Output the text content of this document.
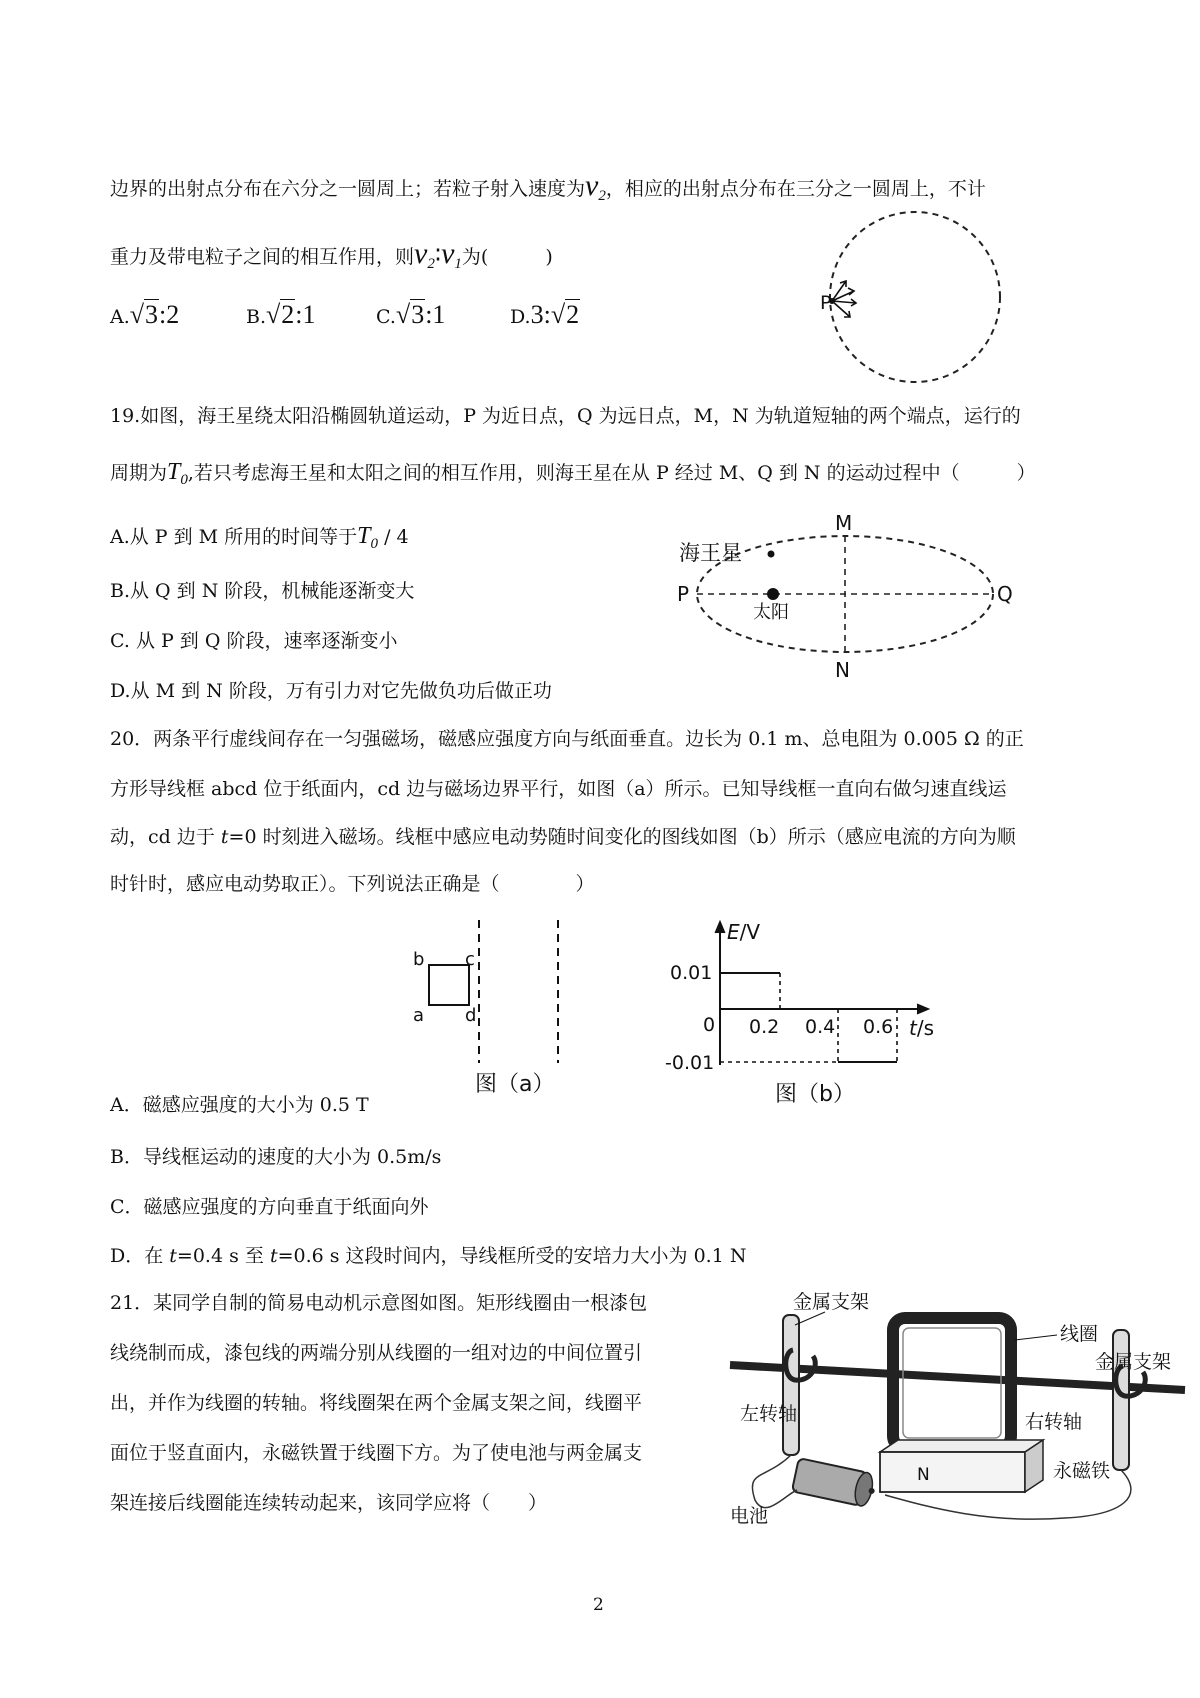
边界的出射点分布在六分之一圆周上；若粒子射入速度为$v_2$，相应的出射点分布在三分之一圆周上，不计
重力及带电粒子之间的相互作用，则$v_2∶v_1$为(　　　)
A.√3:2	B.√2:1	C.√3:1	D.3:√2	P
19.如图，海王星绕太阳沿椭圆轨道运动，P 为近日点，Q 为远日点，M，N 为轨道短轴的两个端点，运行的
周期为$T_0$,若只考虑海王星和太阳之间的相互作用，则海王星在从 P 经过 M、Q 到 N 的运动过程中（　　　）
A.从 P 到 M 所用的时间等于$T_0 / 4$
B.从 Q 到 N 阶段，机械能逐渐变大
C. 从 P 到 Q 阶段，速率逐渐变小
D.从 M 到 N 阶段，万有引力对它先做负功后做正功
M
N
P	Q
海王星
太阳
20．两条平行虚线间存在一匀强磁场，磁感应强度方向与纸面垂直。边长为 0.1 m、总电阻为 0.005 Ω 的正
方形导线框 abcd 位于纸面内，cd 边与磁场边界平行，如图（a）所示。已知导线框一直向右做匀速直线运
动，cd 边于 t=0 时刻进入磁场。线框中感应电动势随时间变化的图线如图（b）所示（感应电流的方向为顺
时针时，感应电动势取正）。下列说法正确是（　　　　）
b c
a d
图（a）
E/V
t/s
0.01
-0.01
0 0.2 0.4 0.6
图（b）
A．磁感应强度的大小为 0.5 T
B．导线框运动的速度的大小为 0.5m/s
C．磁感应强度的方向垂直于纸面向外
D．在 t=0.4 s 至 t=0.6 s 这段时间内，导线框所受的安培力大小为 0.1 N
21．某同学自制的简易电动机示意图如图。矩形线圈由一根漆包
线绕制而成，漆包线的两端分别从线圈的一组对边的中间位置引
出，并作为线圈的转轴。将线圈架在两个金属支架之间，线圈平
面位于竖直面内，永磁铁置于线圈下方。为了使电池与两金属支
架连接后线圈能连续转动起来，该同学应将（　　）
N
金属支架
线圈
金属支架
左转轴	右转轴
永磁铁
电池
2
